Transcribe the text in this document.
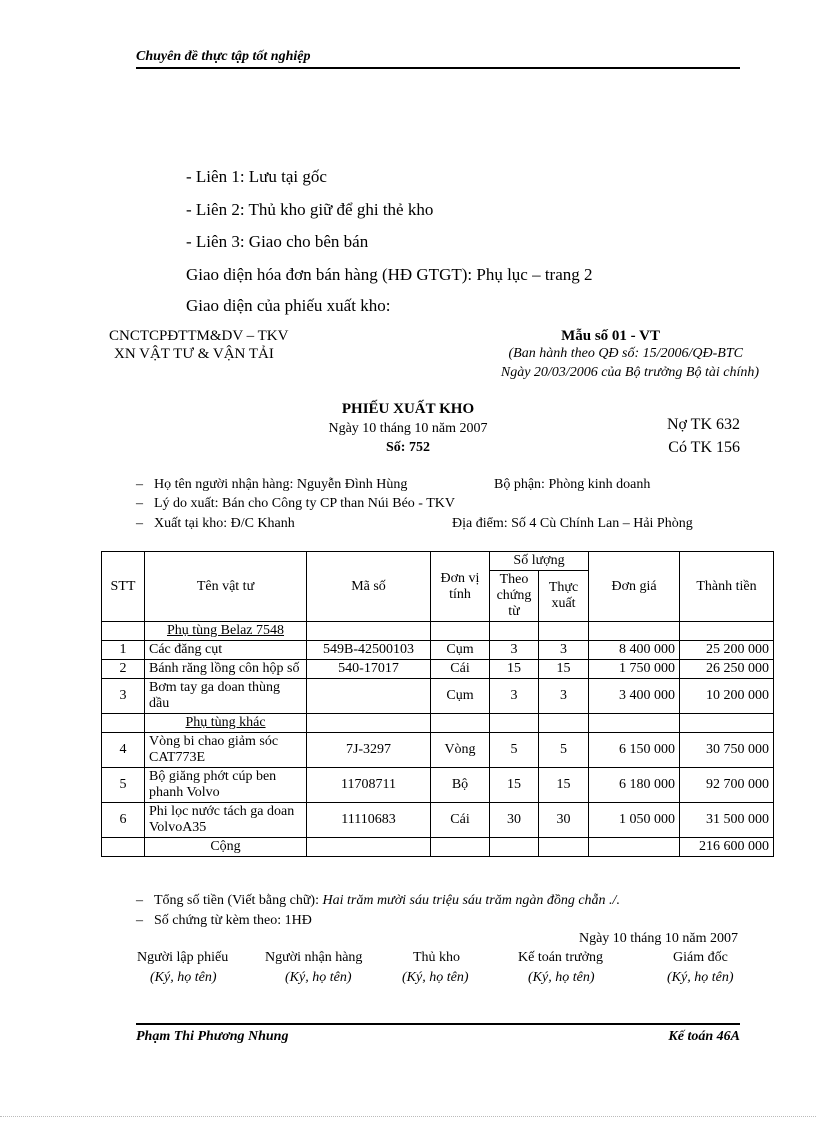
Chuyên đề thực tập tốt nghiệp
- Liên 1: Lưu tại gốc
- Liên 2: Thủ kho giữ để ghi thẻ kho
- Liên 3: Giao cho bên bán
Giao diện hóa đơn bán hàng (HĐ GTGT): Phụ lục – trang 2
Giao diện của phiếu xuất kho:
CNCTCPĐTTM&DV – TKV
XN VẬT TƯ & VẬN TẢI
Mẫu số 01 - VT
(Ban hành theo QĐ số: 15/2006/QĐ-BTC
Ngày 20/03/2006 của Bộ trưởng Bộ tài chính)
PHIẾU XUẤT KHO
Ngày 10 tháng 10 năm 2007
Số: 752
Nợ TK 632
Có TK 156
– Họ tên người nhận hàng: Nguyễn Đình Hùng	Bộ phận: Phòng kinh doanh
– Lý do xuất: Bán cho Công ty CP than Núi Béo - TKV
– Xuất tại kho: Đ/C Khanh	Địa điểm: Số 4 Cù Chính Lan – Hải Phòng
STT	Tên vật tư	Mã số	Đơn vị tính	Số lượng		Đơn giá	Thành tiền
				Theo chứng từ	Thực xuất		
	Phụ tùng Belaz 7548						
1	Các đăng cụt	549B-42500103	Cụm	3	3	8 400 000	25 200 000
2	Bánh răng lồng côn hộp số	540-17017	Cái	15	15	1 750 000	26 250 000
3	Bơm tay ga doan thùng dầu		Cụm	3	3	3 400 000	10 200 000
	Phụ tùng khác						
4	Vòng bi chao giảm sóc CAT773E	7J-3297	Vòng	5	5	6 150 000	30 750 000
5	Bộ giăng phớt cúp ben phanh Volvo	11708711	Bộ	15	15	6 180 000	92 700 000
6	Phi lọc nước tách ga doan VolvoA35	11110683	Cái	30	30	1 050 000	31 500 000
	Cộng						216 600 000
– Tổng số tiền (Viết bằng chữ): Hai trăm mười sáu triệu sáu trăm ngàn đồng chẵn ./.
– Số chứng từ kèm theo: 1HĐ
Ngày 10 tháng 10 năm 2007
Người lập phiếu	Người nhận hàng	Thủ kho	Kế toán trưởng	Giám đốc
(Ký, họ tên)	(Ký, họ tên)	(Ký, họ tên)	(Ký, họ tên)	(Ký, họ tên)
Phạm Thi Phương Nhung	Kế toán 46A
